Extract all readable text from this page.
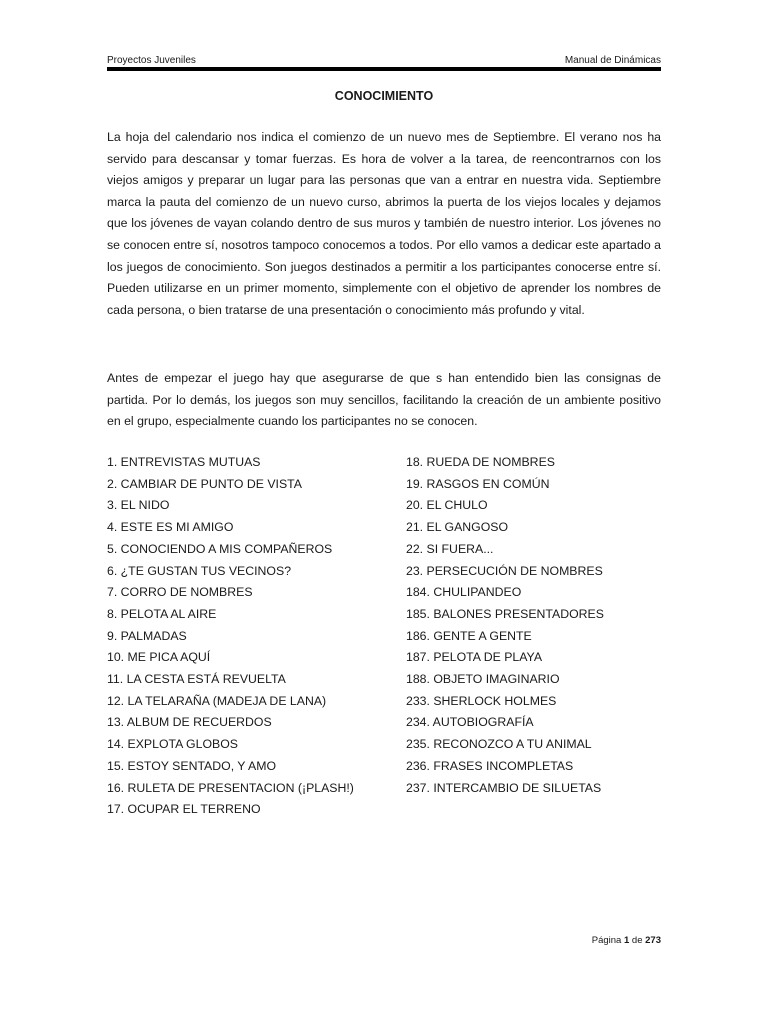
Proyectos Juveniles	Manual de Dinámicas
CONOCIMIENTO

La hoja del calendario nos indica el comienzo de un nuevo mes de Septiembre. El verano nos ha servido para descansar y tomar fuerzas. Es hora de volver a la tarea, de reencontrarnos con los viejos amigos y preparar un lugar para las personas que van a entrar en nuestra vida. Septiembre marca la pauta del comienzo de un nuevo curso, abrimos la puerta de los viejos locales y dejamos que los jóvenes de vayan colando dentro de sus muros y también de nuestro interior. Los jóvenes no se conocen entre sí, nosotros tampoco conocemos a todos. Por ello vamos a dedicar este apartado a los juegos de conocimiento. Son juegos destinados a permitir a los participantes conocerse entre sí. Pueden utilizarse en un primer momento, simplemente con el objetivo de aprender los nombres de cada persona, o bien tratarse de una presentación o conocimiento más profundo y vital.

Antes de empezar el juego hay que asegurarse de que s han entendido bien las consignas de partida. Por lo demás, los juegos son muy sencillos, facilitando la creación de un ambiente positivo en el grupo, especialmente cuando los participantes no se conocen.

1. ENTREVISTAS MUTUAS
2. CAMBIAR DE PUNTO DE VISTA
3. EL NIDO
4. ESTE ES MI AMIGO
5. CONOCIENDO A MIS COMPAÑEROS
6. ¿TE GUSTAN TUS VECINOS?
7. CORRO DE NOMBRES
8. PELOTA AL AIRE
9. PALMADAS
10. ME PICA AQUÍ
11. LA CESTA ESTÁ REVUELTA
12. LA TELARAÑA (MADEJA DE LANA)
13. ALBUM DE RECUERDOS
14. EXPLOTA GLOBOS
15. ESTOY SENTADO, Y AMO
16. RULETA DE PRESENTACION (¡PLASH!)
17. OCUPAR EL TERRENO
18. RUEDA DE NOMBRES
19. RASGOS EN COMÚN
20. EL CHULO
21. EL GANGOSO
22. SI FUERA...
23. PERSECUCIÓN DE NOMBRES
184. CHULIPANDEO
185. BALONES PRESENTADORES
186. GENTE A GENTE
187. PELOTA DE PLAYA
188. OBJETO IMAGINARIO
233. SHERLOCK HOLMES
234. AUTOBIOGRAFÍA
235. RECONOZCO A TU ANIMAL
236. FRASES INCOMPLETAS
237. INTERCAMBIO DE SILUETAS
Página 1 de 273
